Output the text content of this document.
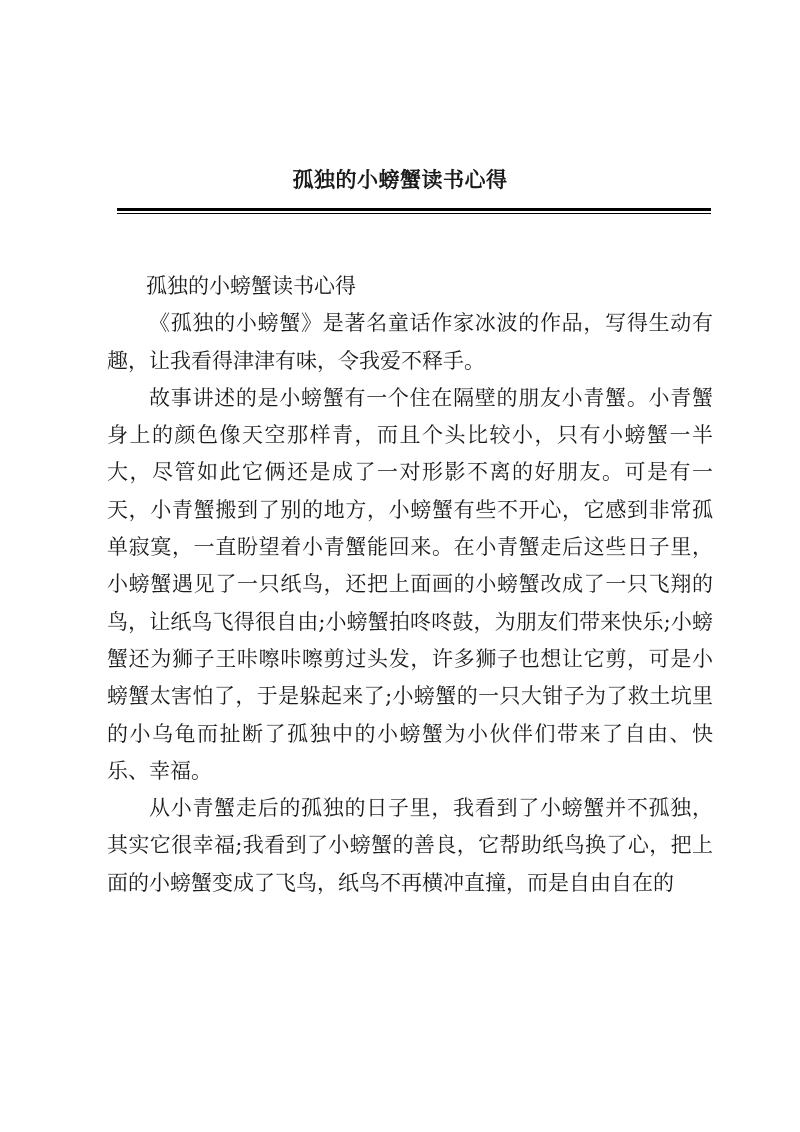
孤独的小螃蟹读书心得

孤独的小螃蟹读书心得

《孤独的小螃蟹》是著名童话作家冰波的作品，写得生动有趣，让我看得津津有味，令我爱不释手。

故事讲述的是小螃蟹有一个住在隔壁的朋友小青蟹。小青蟹身上的颜色像天空那样青，而且个头比较小，只有小螃蟹一半大，尽管如此它俩还是成了一对形影不离的好朋友。可是有一天，小青蟹搬到了别的地方，小螃蟹有些不开心，它感到非常孤单寂寞，一直盼望着小青蟹能回来。在小青蟹走后这些日子里，小螃蟹遇见了一只纸鸟，还把上面画的小螃蟹改成了一只飞翔的鸟，让纸鸟飞得很自由;小螃蟹拍咚咚鼓，为朋友们带来快乐;小螃蟹还为狮子王咔嚓咔嚓剪过头发，许多狮子也想让它剪，可是小螃蟹太害怕了，于是躲起来了;小螃蟹的一只大钳子为了救土坑里的小乌龟而扯断了孤独中的小螃蟹为小伙伴们带来了自由、快乐、幸福。

从小青蟹走后的孤独的日子里，我看到了小螃蟹并不孤独，其实它很幸福;我看到了小螃蟹的善良，它帮助纸鸟换了心，把上面的小螃蟹变成了飞鸟，纸鸟不再横冲直撞，而是自由自在的
